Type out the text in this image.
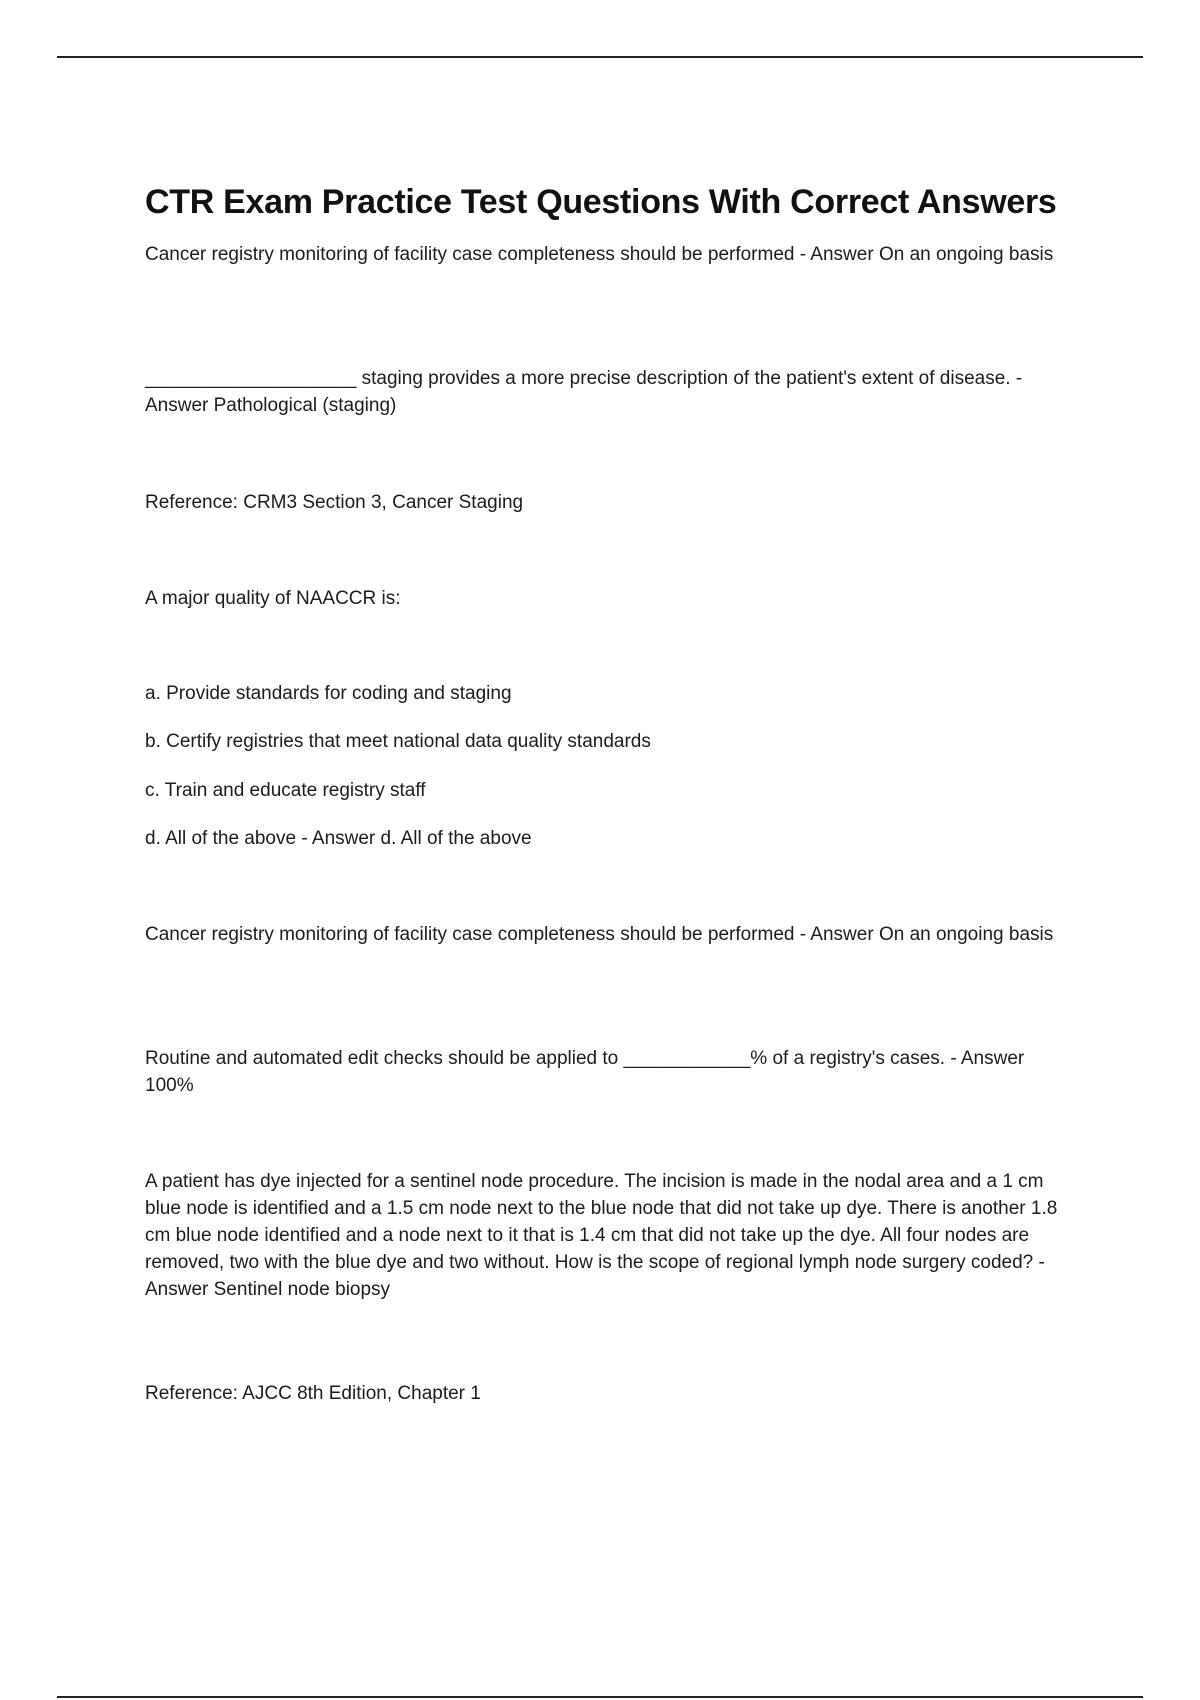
CTR Exam Practice Test Questions With Correct Answers

Cancer registry monitoring of facility case completeness should be performed - Answer On an ongoing basis

____________________ staging provides a more precise description of the patient's extent of disease. - Answer Pathological (staging)

Reference: CRM3 Section 3, Cancer Staging

A major quality of NAACCR is:

a. Provide standards for coding and staging

b. Certify registries that meet national data quality standards

c. Train and educate registry staff

d. All of the above - Answer d. All of the above

Cancer registry monitoring of facility case completeness should be performed - Answer On an ongoing basis

Routine and automated edit checks should be applied to ____________% of a registry's cases. - Answer 100%

A patient has dye injected for a sentinel node procedure. The incision is made in the nodal area and a 1 cm blue node is identified and a 1.5 cm node next to the blue node that did not take up dye. There is another 1.8 cm blue node identified and a node next to it that is 1.4 cm that did not take up the dye. All four nodes are removed, two with the blue dye and two without. How is the scope of regional lymph node surgery coded? - Answer Sentinel node biopsy

Reference: AJCC 8th Edition, Chapter 1
